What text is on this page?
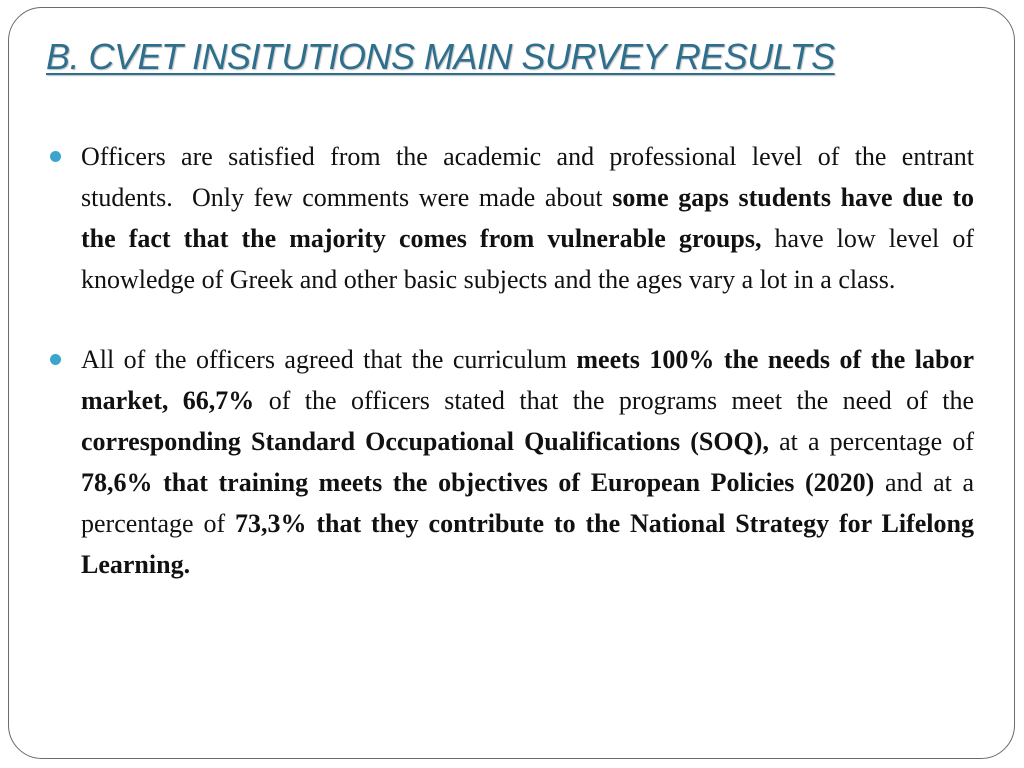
B. CVET INSITUTIONS MAIN SURVEY RESULTS
Officers are satisfied from the academic and professional level of the entrant students.  Only few comments were made about some gaps students have due to the fact that the majority comes from vulnerable groups, have low level of knowledge of Greek and other basic subjects and the ages vary a lot in a class.
All of the officers agreed that the curriculum meets 100% the needs of the labor market, 66,7% of the officers stated that the programs meet the need of the corresponding Standard Occupational Qualifications (SOQ), at a percentage of 78,6% that training meets the objectives of European Policies (2020) and at a percentage of 73,3% that they contribute to the National Strategy for Lifelong Learning.
